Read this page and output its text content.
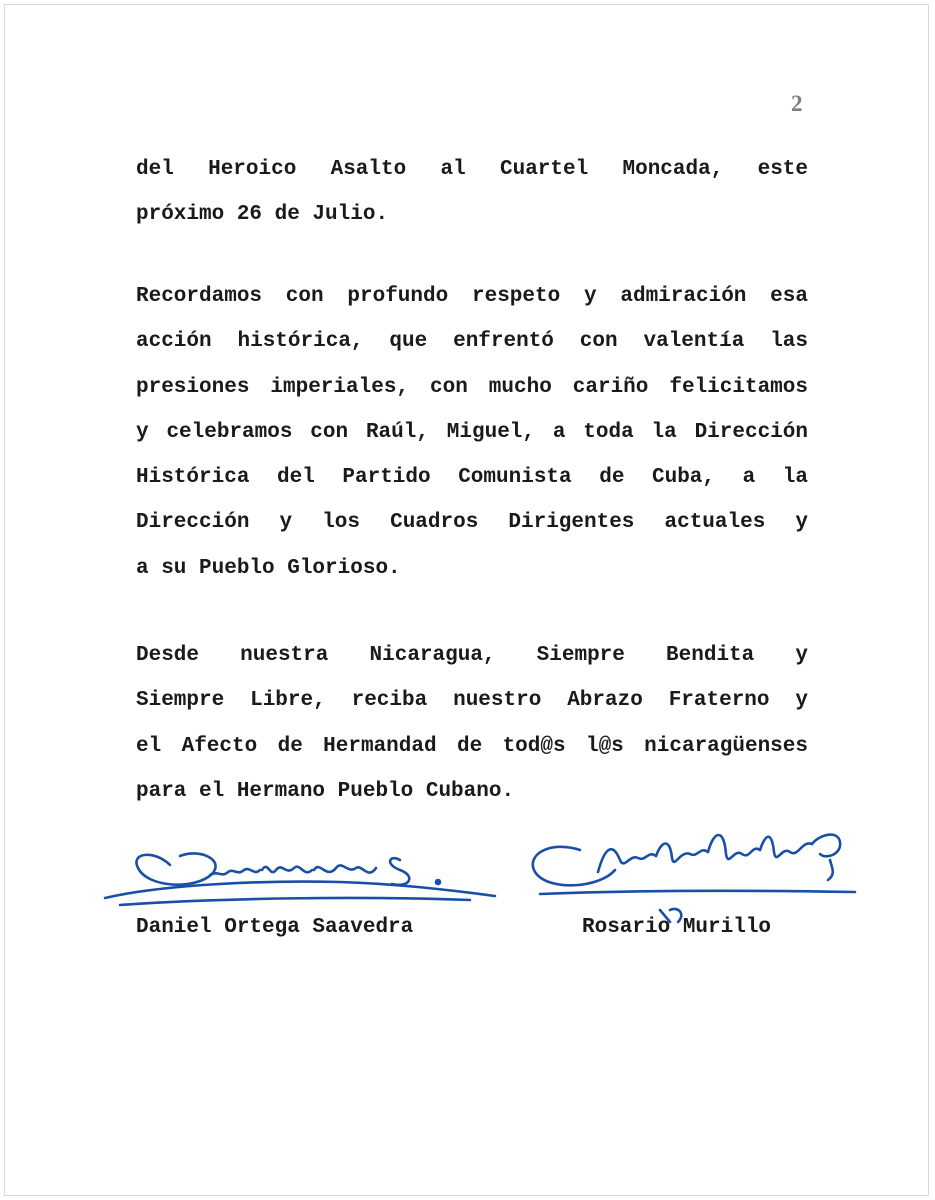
2
del Heroico Asalto al Cuartel Moncada, este
próximo 26 de Julio.
Recordamos con profundo respeto y admiración esa
acción histórica, que enfrentó con valentía las
presiones imperiales, con mucho cariño felicitamos
y celebramos con Raúl, Miguel, a toda la Dirección
Histórica del Partido Comunista de Cuba, a la
Dirección y los Cuadros Dirigentes actuales y
a su Pueblo Glorioso.
Desde nuestra Nicaragua, Siempre Bendita y
Siempre Libre, reciba nuestro Abrazo Fraterno y
el Afecto de Hermandad de tod@s l@s nicaragüenses
para el Hermano Pueblo Cubano.
Daniel Ortega Saavedra	Rosario Murillo
